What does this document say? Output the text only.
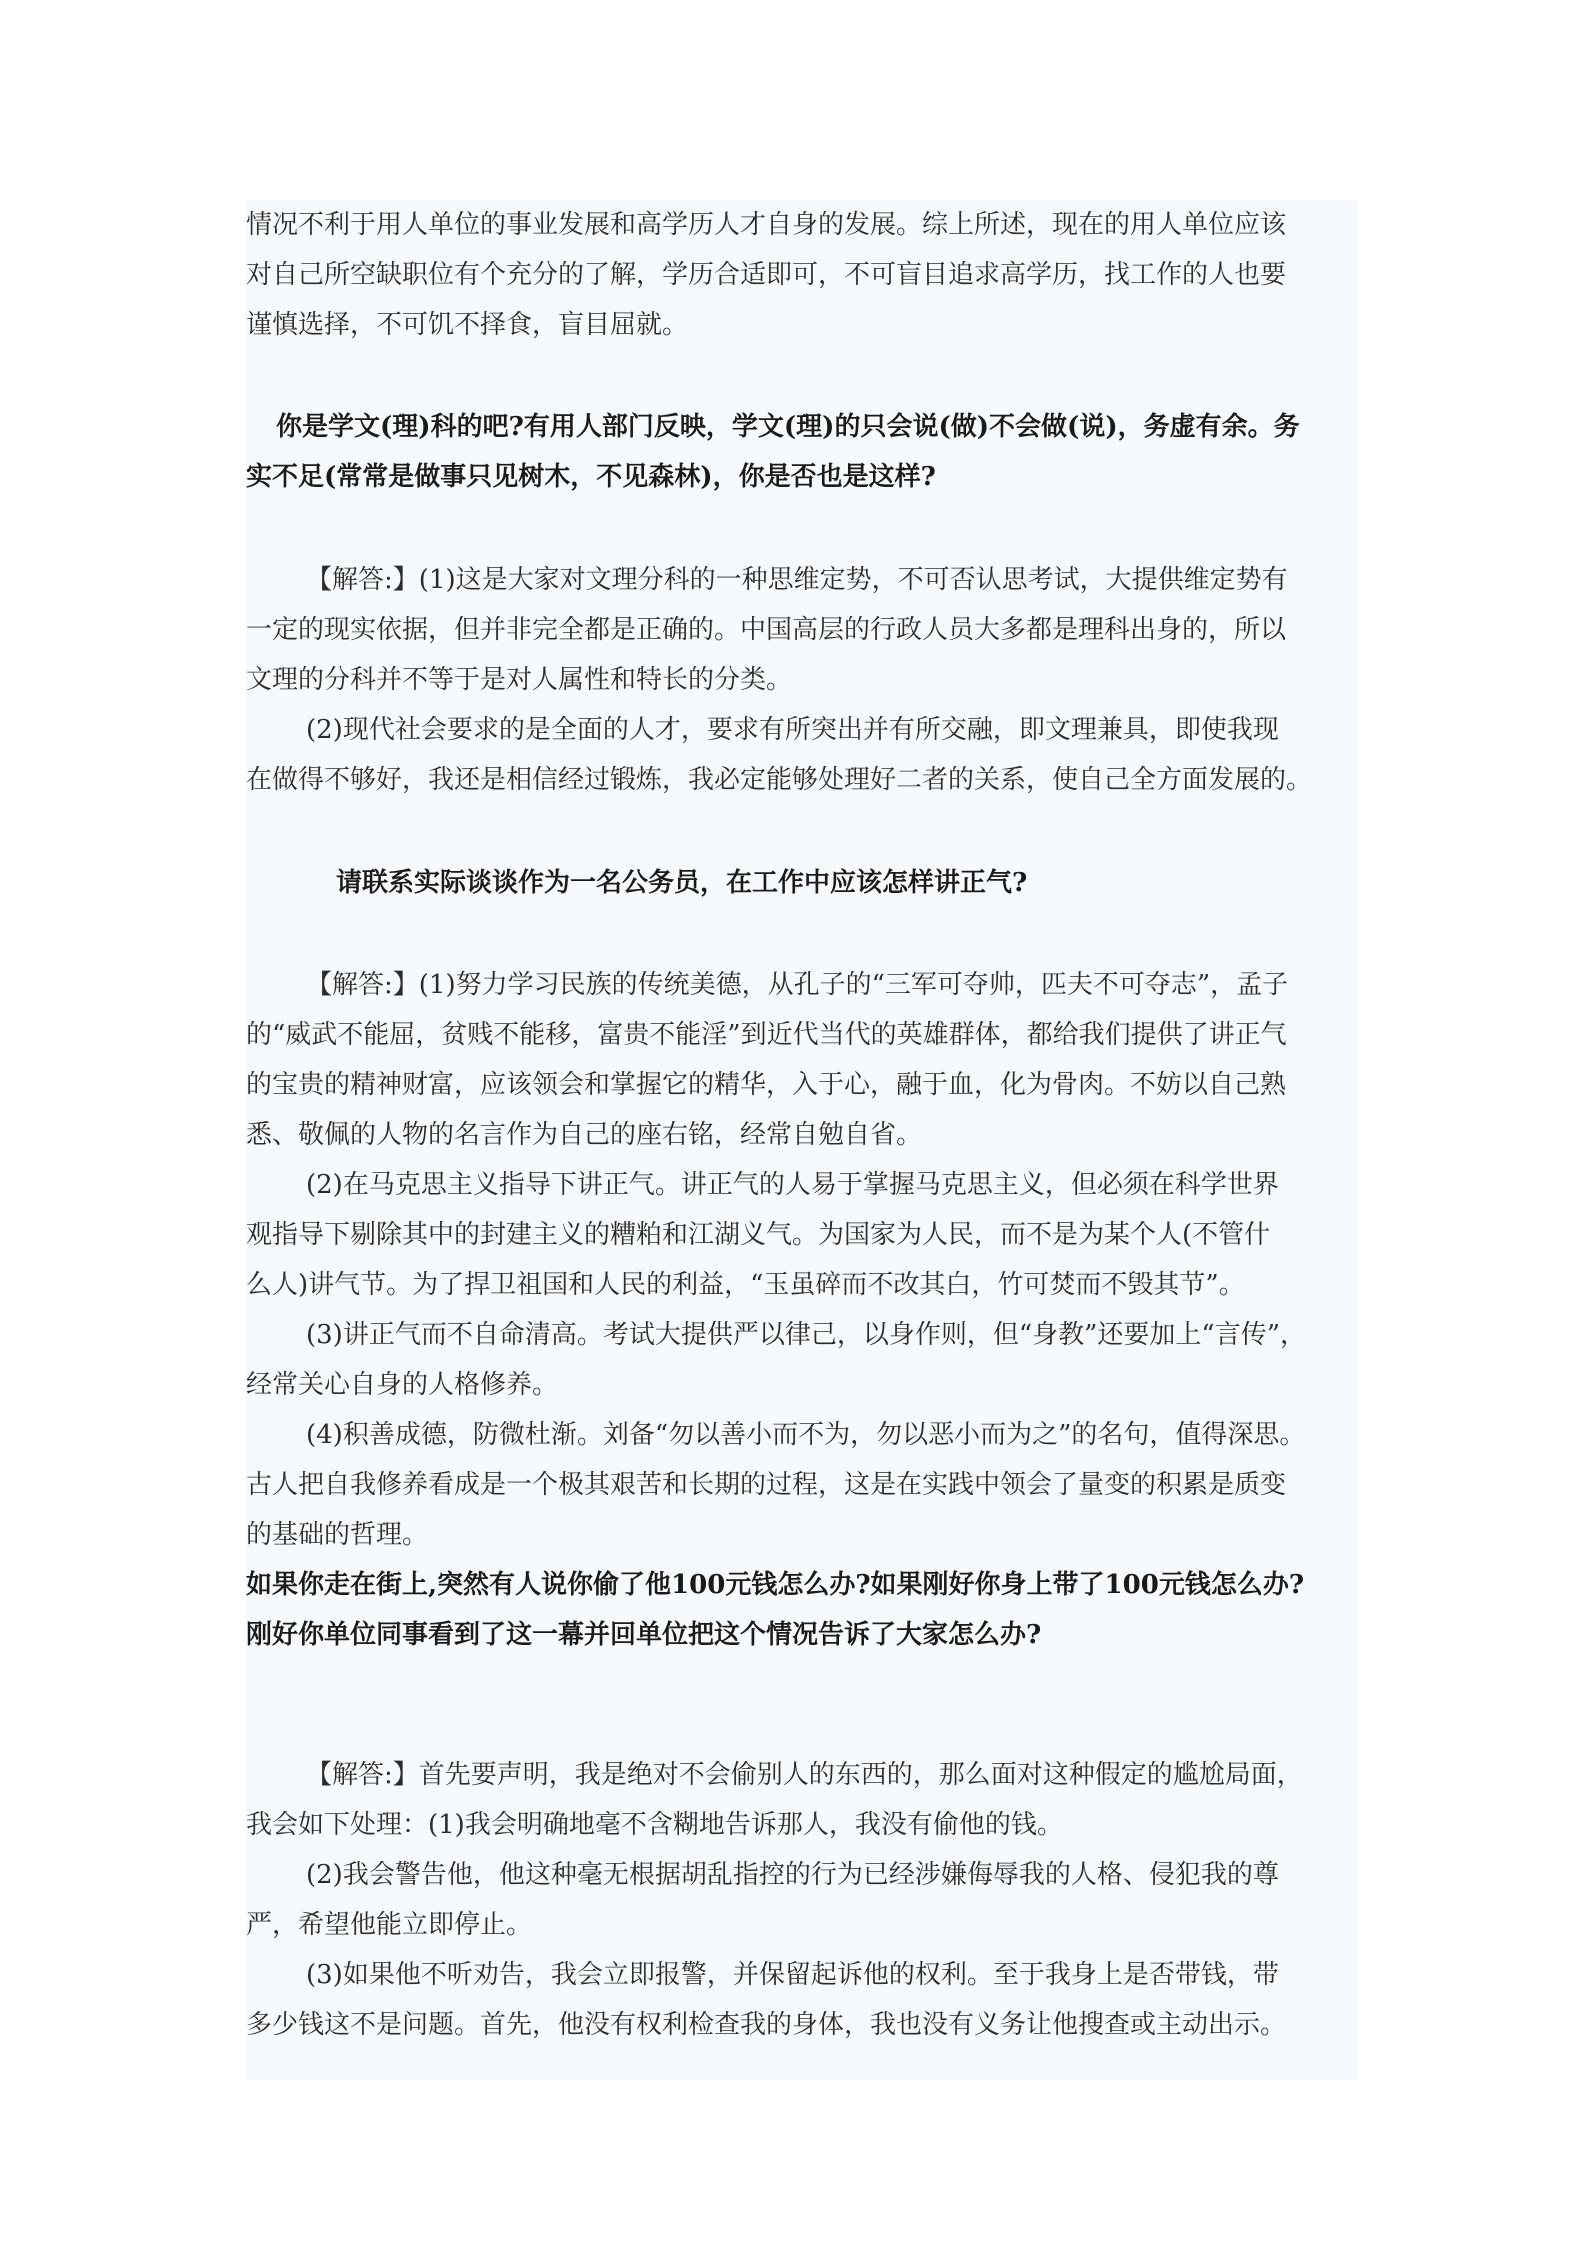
情况不利于用人单位的事业发展和高学历人才自身的发展。综上所述，现在的用人单位应该
对自己所空缺职位有个充分的了解，学历合适即可，不可盲目追求高学历，找工作的人也要
谨慎选择，不可饥不择食，盲目屈就。
你是学文(理)科的吧?有用人部门反映，学文(理)的只会说(做)不会做(说)，务虚有余。务
实不足(常常是做事只见树木，不见森林)，你是否也是这样?
【解答:】(1)这是大家对文理分科的一种思维定势，不可否认思考试，大提供维定势有
一定的现实依据，但并非完全都是正确的。中国高层的行政人员大多都是理科出身的，所以
文理的分科并不等于是对人属性和特长的分类。
(2)现代社会要求的是全面的人才，要求有所突出并有所交融，即文理兼具，即使我现
在做得不够好，我还是相信经过锻炼，我必定能够处理好二者的关系，使自己全方面发展的。
请联系实际谈谈作为一名公务员，在工作中应该怎样讲正气?
【解答:】(1)努力学习民族的传统美德，从孔子的“三军可夺帅，匹夫不可夺志”，孟子
的“威武不能屈，贫贱不能移，富贵不能淫”到近代当代的英雄群体，都给我们提供了讲正气
的宝贵的精神财富，应该领会和掌握它的精华，入于心，融于血，化为骨肉。不妨以自己熟
悉、敬佩的人物的名言作为自己的座右铭，经常自勉自省。
(2)在马克思主义指导下讲正气。讲正气的人易于掌握马克思主义，但必须在科学世界
观指导下剔除其中的封建主义的糟粕和江湖义气。为国家为人民，而不是为某个人(不管什
么人)讲气节。为了捍卫祖国和人民的利益，“玉虽碎而不改其白，竹可焚而不毁其节”。
(3)讲正气而不自命清高。考试大提供严以律己，以身作则，但“身教”还要加上“言传”，
经常关心自身的人格修养。
(4)积善成德，防微杜渐。刘备“勿以善小而不为，勿以恶小而为之”的名句，值得深思。
古人把自我修养看成是一个极其艰苦和长期的过程，这是在实践中领会了量变的积累是质变
的基础的哲理。
如果你走在街上,突然有人说你偷了他100元钱怎么办?如果刚好你身上带了100元钱怎么办?
刚好你单位同事看到了这一幕并回单位把这个情况告诉了大家怎么办?
【解答:】首先要声明，我是绝对不会偷别人的东西的，那么面对这种假定的尴尬局面，
我会如下处理：(1)我会明确地毫不含糊地告诉那人，我没有偷他的钱。
(2)我会警告他，他这种毫无根据胡乱指控的行为已经涉嫌侮辱我的人格、侵犯我的尊
严，希望他能立即停止。
(3)如果他不听劝告，我会立即报警，并保留起诉他的权利。至于我身上是否带钱，带
多少钱这不是问题。首先，他没有权利检查我的身体，我也没有义务让他搜查或主动出示。
